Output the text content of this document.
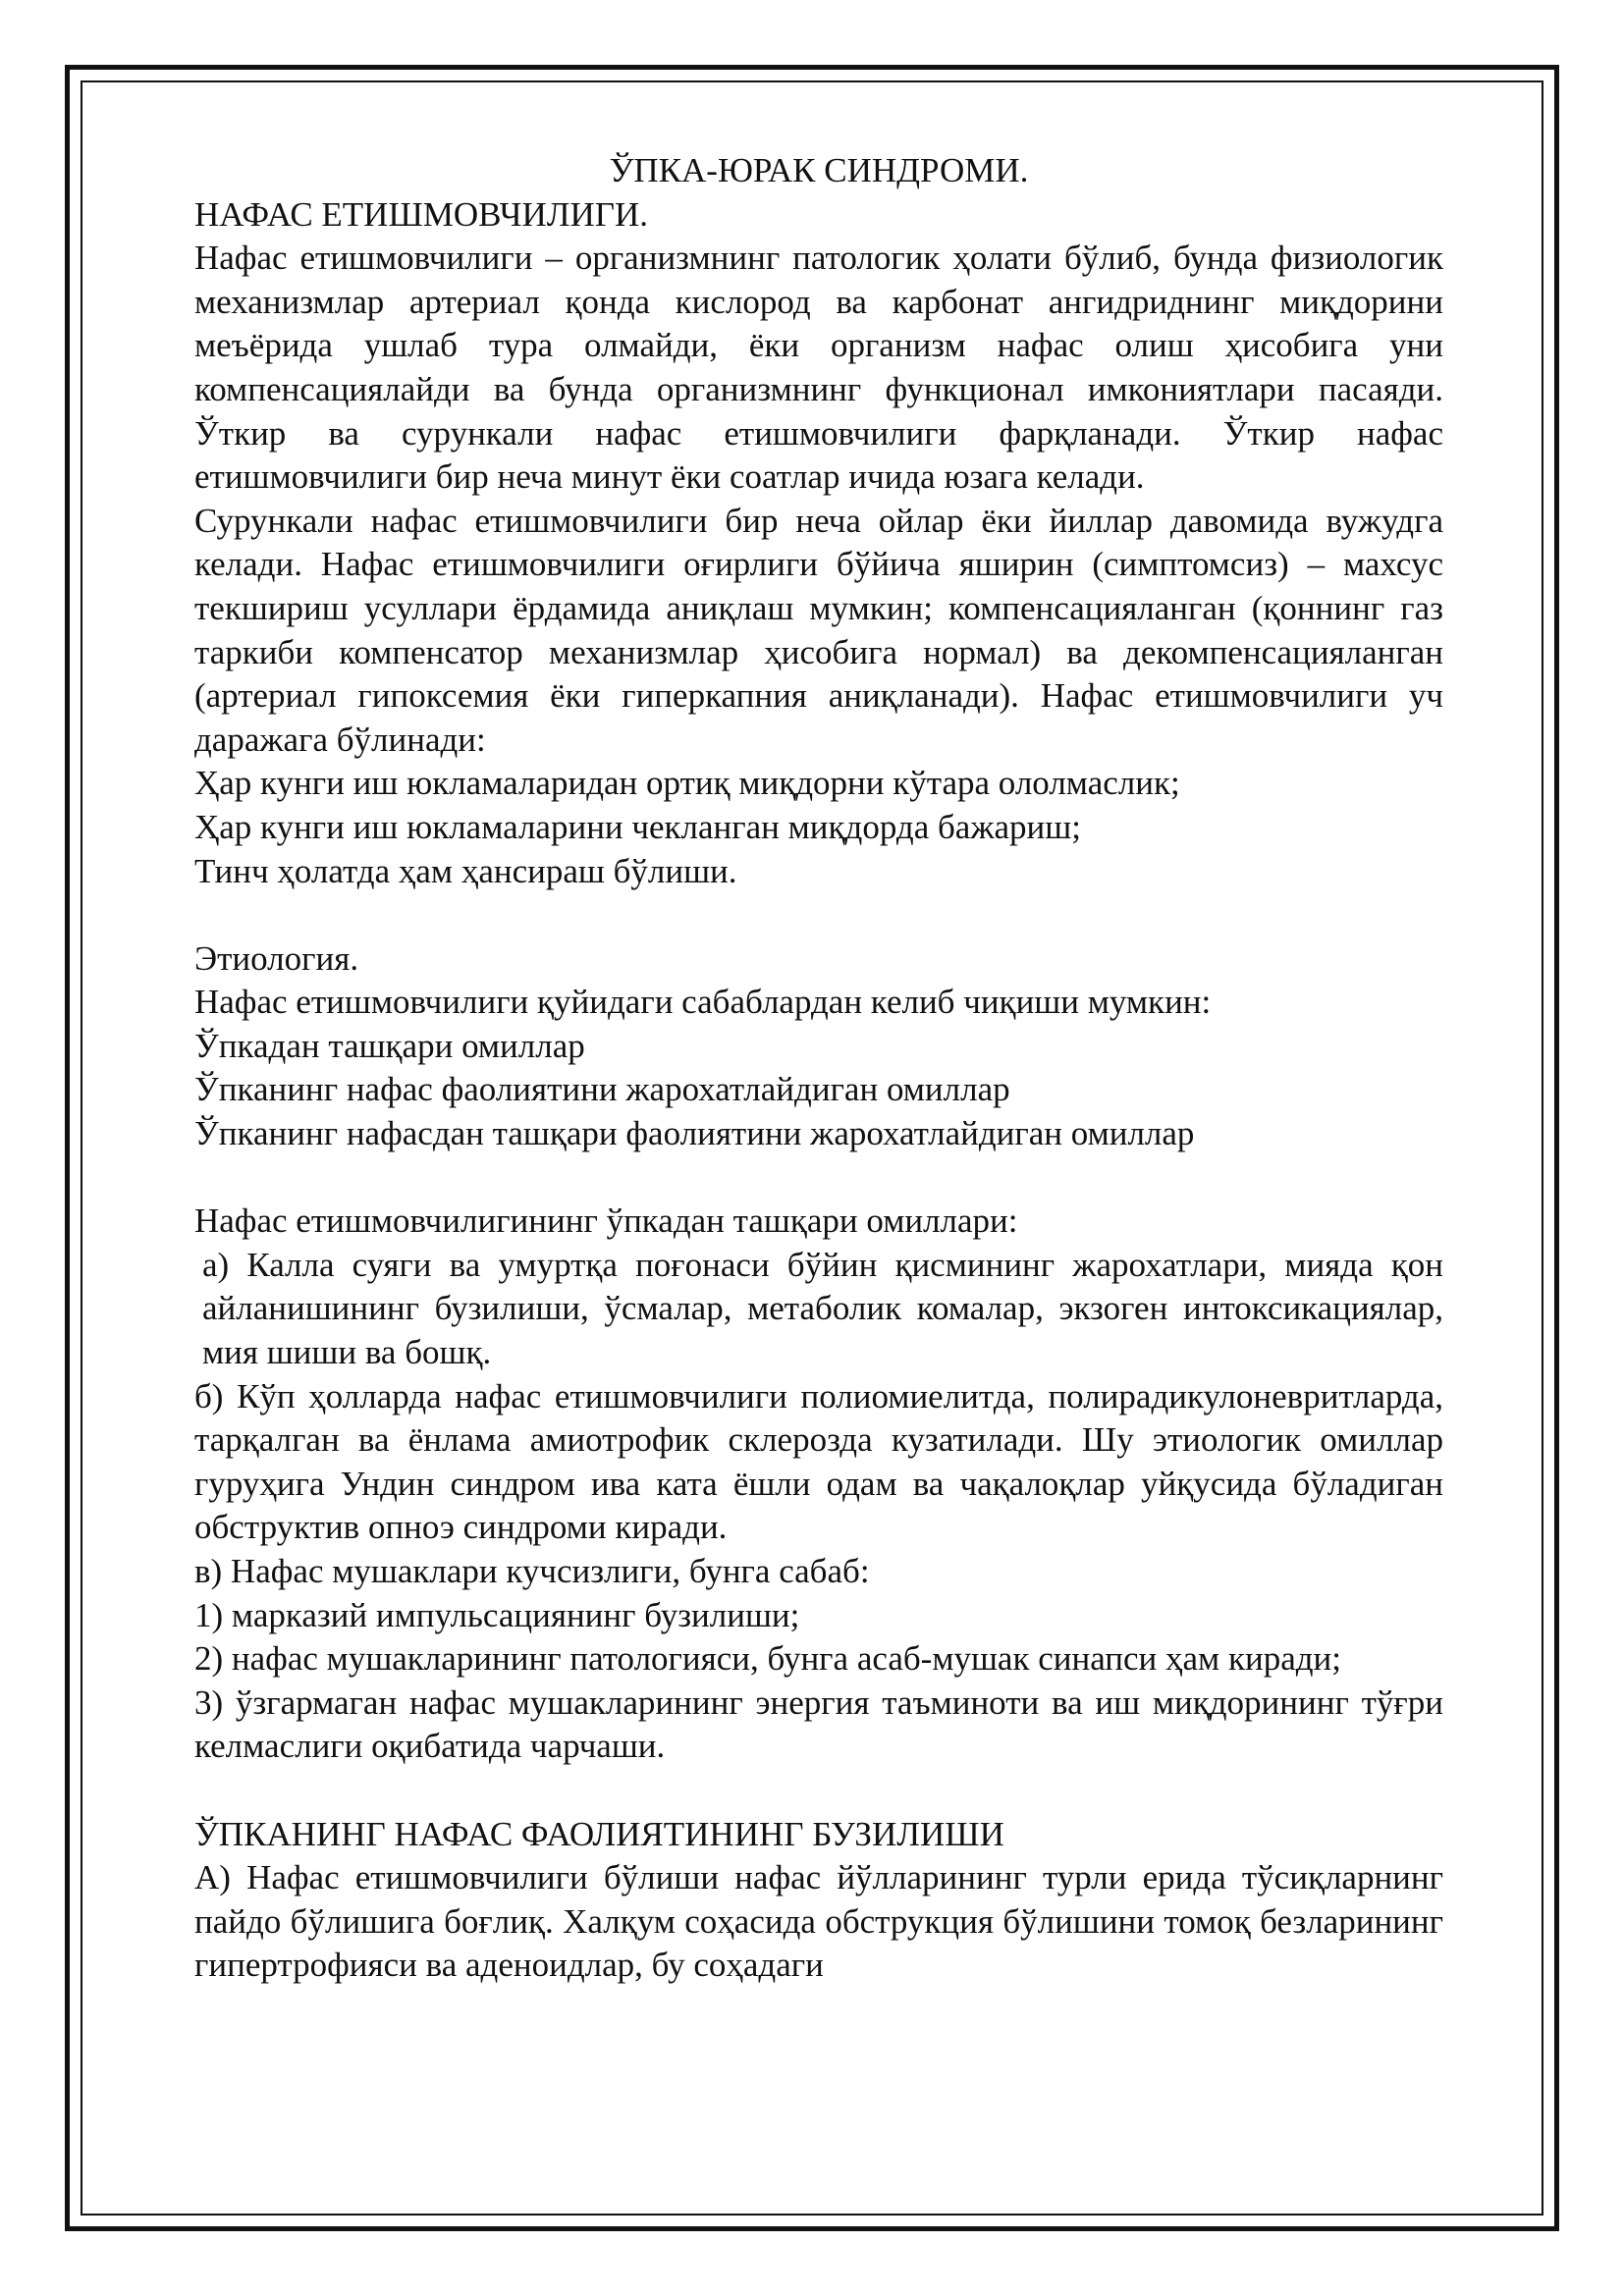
ЎПКА-ЮРАК СИНДРОМИ.

НАФАС ЕТИШМОВЧИЛИГИ.

Нафас етишмовчилиги – организмнинг патологик ҳолати бўлиб, бунда физиологик механизмлар артериал қонда кислород ва карбонат ангидриднинг миқдорини меъёрида ушлаб тура олмайди, ёки организм нафас олиш ҳисобига уни компенсациялайди ва бунда организмнинг функционал имкониятлари пасаяди. Ўткир ва сурункали нафас етишмовчилиги фарқланади. Ўткир нафас етишмовчилиги бир неча минут ёки соатлар ичида юзага келади.

Сурункали нафас етишмовчилиги бир неча ойлар ёки йиллар давомида вужудга келади. Нафас етишмовчилиги оғирлиги бўйича яширин (симптомсиз) – махсус текшириш усуллари ёрдамида аниқлаш мумкин; компенсацияланган (қоннинг газ таркиби компенсатор механизмлар ҳисобига нормал) ва декомпенсацияланган (артериал гипоксемия ёки гиперкапния аниқланади). Нафас етишмовчилиги уч даражага бўлинади:

Ҳар кунги иш юкламаларидан ортиқ миқдорни кўтара ололмаслик;

Ҳар кунги иш юкламаларини чекланган миқдорда бажариш;

Тинч ҳолатда ҳам ҳансираш бўлиши.

Этиология.

Нафас етишмовчилиги қуйидаги сабаблардан келиб чиқиши мумкин:

Ўпкадан ташқари омиллар

Ўпканинг нафас фаолиятини жарохатлайдиган омиллар

Ўпканинг нафасдан ташқари фаолиятини жарохатлайдиган омиллар

Нафас етишмовчилигининг ўпкадан ташқари омиллари:

а) Калла суяги ва умуртқа поғонаси бўйин қисмининг жарохатлари, мияда қон айланишининг бузилиши, ўсмалар, метаболик комалар, экзоген интоксикациялар, мия шиши ва бошқ.

б) Кўп ҳолларда нафас етишмовчилиги полиомиелитда, полирадикулоневритларда, тарқалган ва ёнлама амиотрофик склерозда кузатилади. Шу этиологик омиллар гуруҳига Ундин синдром ива ката ёшли одам ва чақалоқлар уйқусида бўладиган обструктив опноэ синдроми киради.

в) Нафас мушаклари кучсизлиги, бунга сабаб:

1) марказий импульсациянинг бузилиши;

2) нафас мушакларининг патологияси, бунга асаб-мушак синапси ҳам киради;

3) ўзгармаган нафас мушакларининг энергия таъминоти ва иш миқдорининг тўғри келмаслиги оқибатида чарчаши.

ЎПКАНИНГ НАФАС ФАОЛИЯТИНИНГ БУЗИЛИШИ

А) Нафас етишмовчилиги бўлиши нафас йўлларининг турли ерида тўсиқларнинг пайдо бўлишига боғлиқ. Халқум соҳасида обструкция бўлишини томоқ безларининг гипертрофияси ва аденоидлар, бу соҳадаги
